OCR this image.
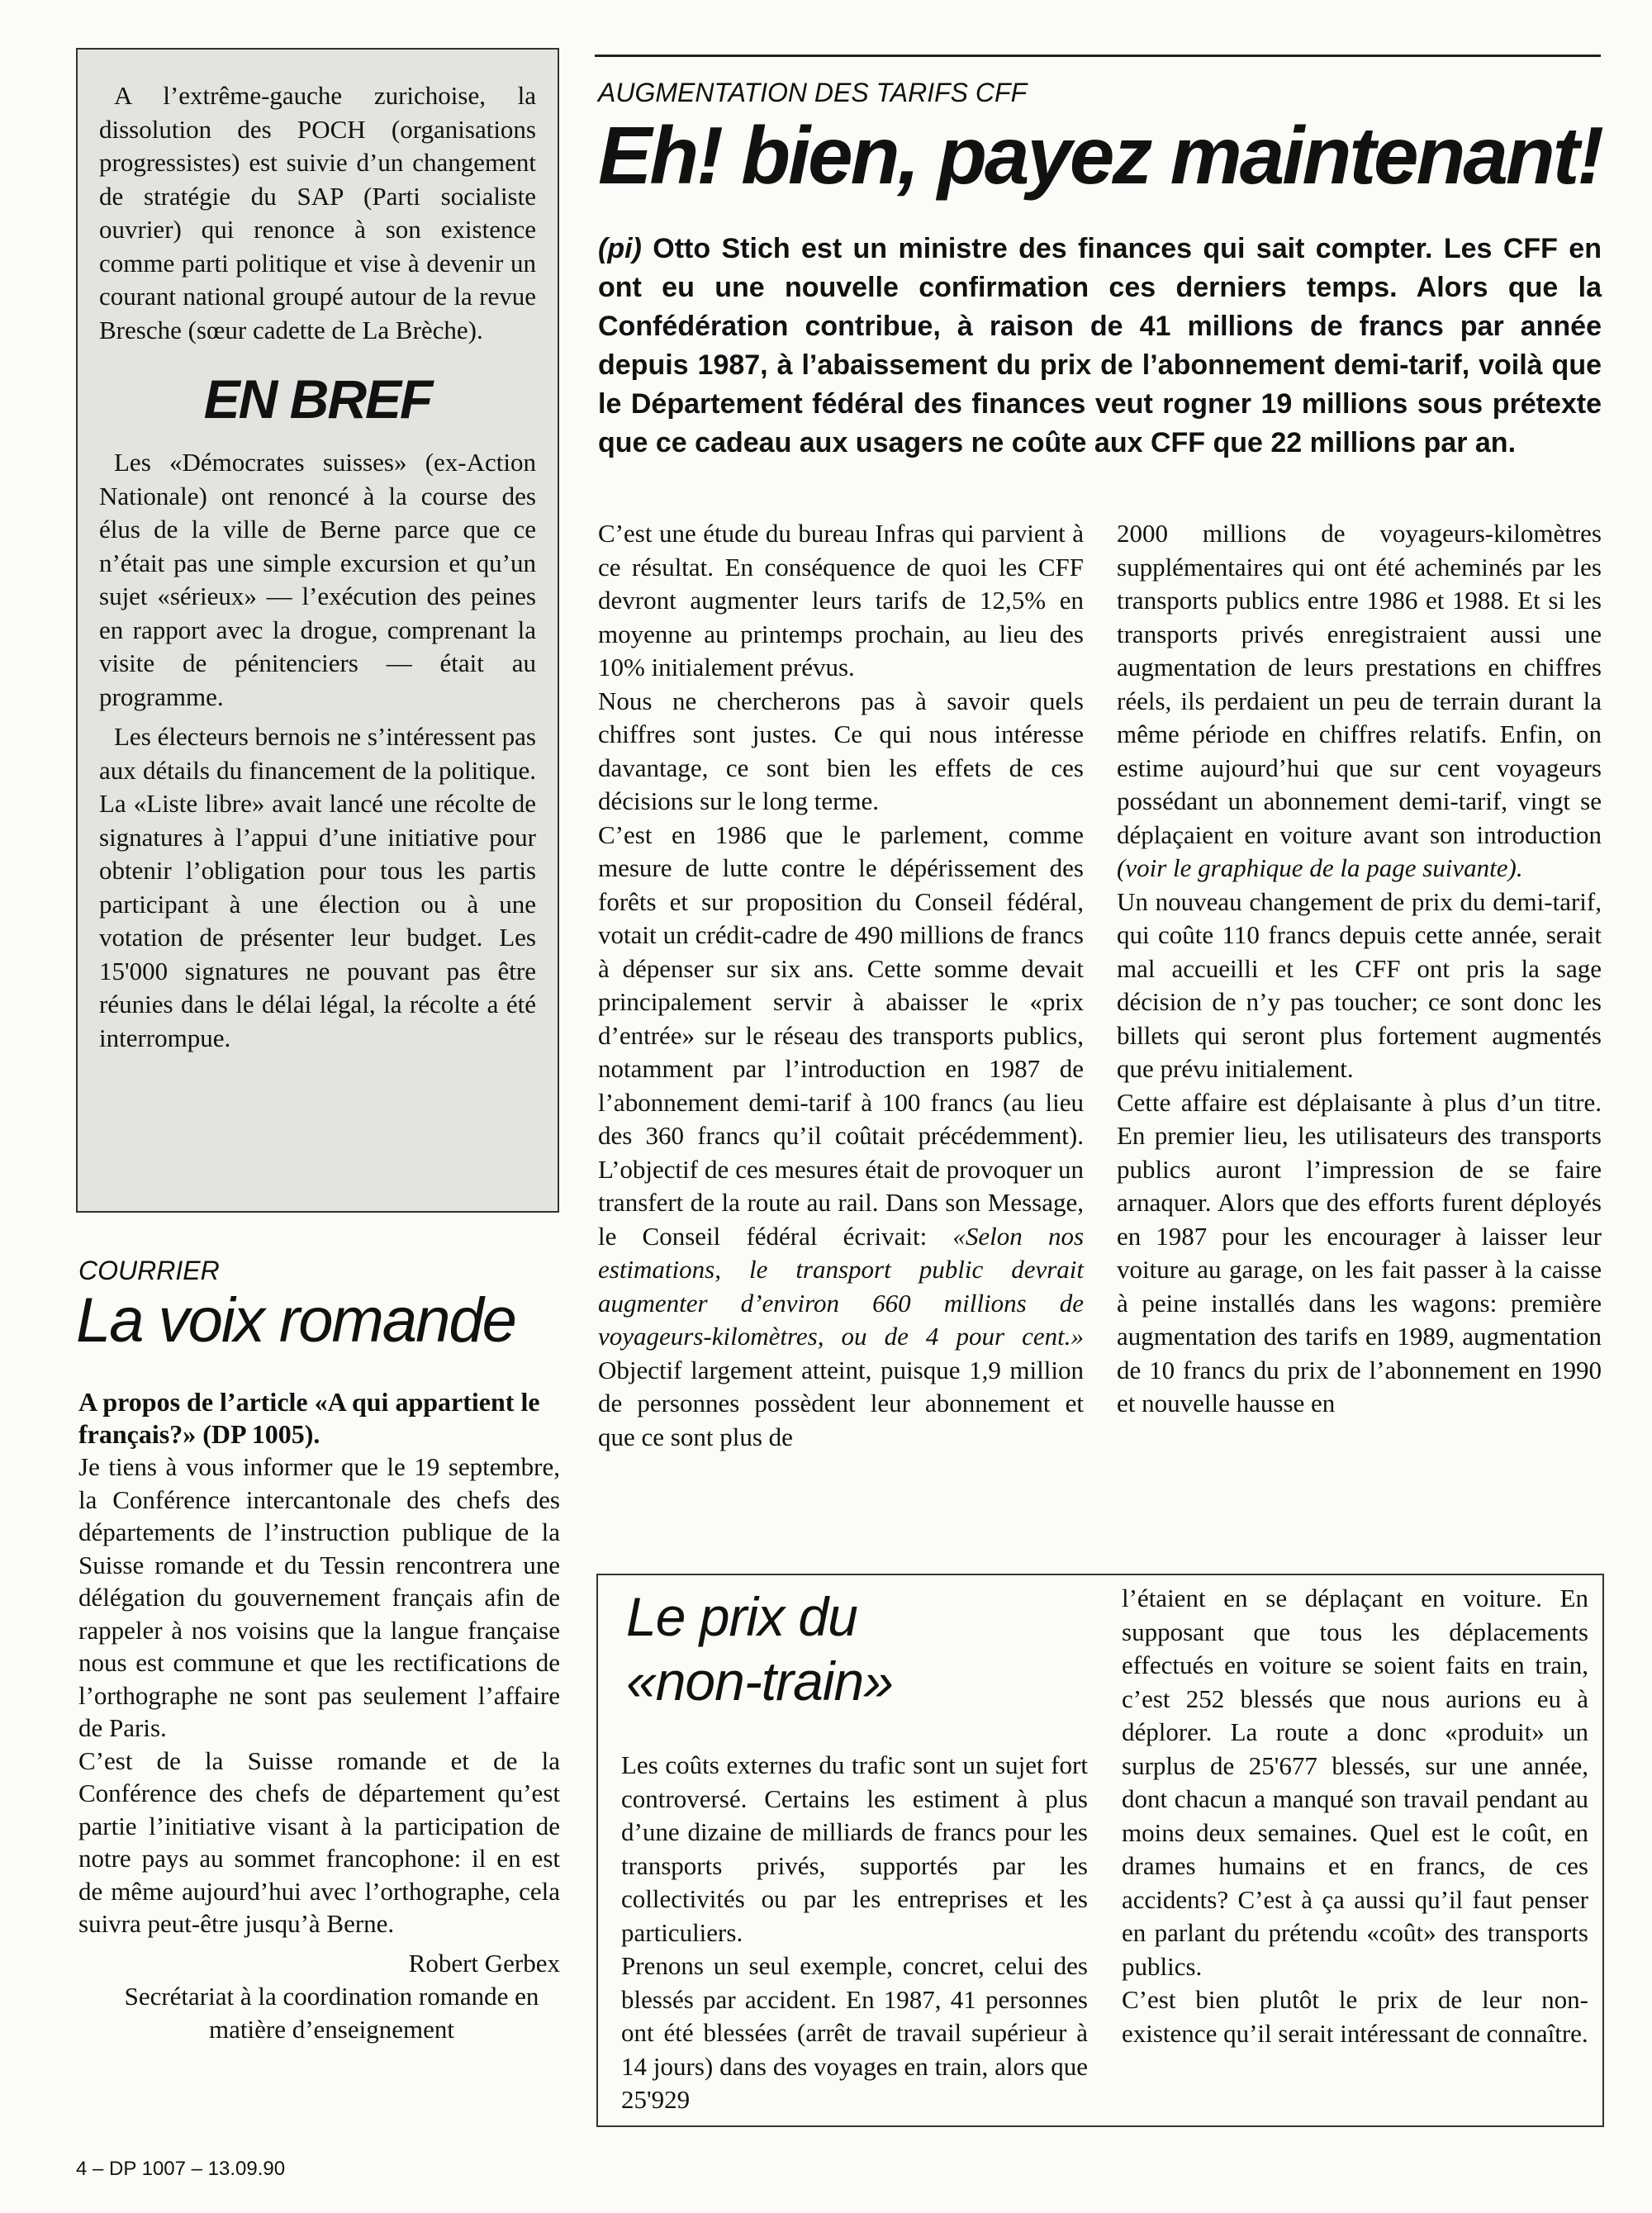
A l’extrême-gauche zurichoise, la dissolution des POCH (organisations progressistes) est suivie d’un changement de stratégie du SAP (Parti socialiste ouvrier) qui renonce à son existence comme parti politique et vise à devenir un courant national groupé autour de la revue Bresche (sœur cadette de La Brèche).

EN BREF

Les «Démocrates suisses» (ex-Action Nationale) ont renoncé à la course des élus de la ville de Berne parce que ce n’était pas une simple excursion et qu’un sujet «sérieux» — l’exécution des peines en rapport avec la drogue, comprenant la visite de pénitenciers — était au programme.

Les électeurs bernois ne s’intéressent pas aux détails du financement de la politique. La «Liste libre» avait lancé une récolte de signatures à l’appui d’une initiative pour obtenir l’obligation pour tous les partis participant à une élection ou à une votation de présenter leur budget. Les 15'000 signatures ne pouvant pas être réunies dans le délai légal, la récolte a été interrompue.

COURRIER
La voix romande

A propos de l’article «A qui appartient le français?» (DP 1005).

Je tiens à vous informer que le 19 septembre, la Conférence intercantonale des chefs des départements de l’instruction publique de la Suisse romande et du Tessin rencontrera une délégation du gouvernement français afin de rappeler à nos voisins que la langue française nous est commune et que les rectifications de l’orthographe ne sont pas seulement l’affaire de Paris.

C’est de la Suisse romande et de la Conférence des chefs de département qu’est partie l’initiative visant à la participation de notre pays au sommet francophone: il en est de même aujourd’hui avec l’orthographe, cela suivra peut-être jusqu’à Berne.

Robert Gerbex

Secrétariat à la coordination romande en matière d’enseignement

AUGMENTATION DES TARIFS CFF
Eh! bien, payez maintenant!

(pi) Otto Stich est un ministre des finances qui sait compter. Les CFF en ont eu une nouvelle confirmation ces derniers temps. Alors que la Confédération contribue, à raison de 41 millions de francs par année depuis 1987, à l’abaissement du prix de l’abonnement demi-tarif, voilà que le Département fédéral des finances veut rogner 19 millions sous prétexte que ce cadeau aux usagers ne coûte aux CFF que 22 millions par an.

C’est une étude du bureau Infras qui parvient à ce résultat. En conséquence de quoi les CFF devront augmenter leurs tarifs de 12,5% en moyenne au printemps prochain, au lieu des 10% initialement prévus.

Nous ne chercherons pas à savoir quels chiffres sont justes. Ce qui nous intéresse davantage, ce sont bien les effets de ces décisions sur le long terme.

C’est en 1986 que le parlement, comme mesure de lutte contre le dépérissement des forêts et sur proposition du Conseil fédéral, votait un crédit-cadre de 490 millions de francs à dépenser sur six ans. Cette somme devait principalement servir à abaisser le «prix d’entrée» sur le réseau des transports publics, notamment par l’introduction en 1987 de l’abonnement demi-tarif à 100 francs (au lieu des 360 francs qu’il coûtait précédemment). L’objectif de ces mesures était de provoquer un transfert de la route au rail. Dans son Message, le Conseil fédéral écrivait: «Selon nos estimations, le transport public devrait augmenter d’environ 660 millions de voyageurs-kilomètres, ou de 4 pour cent.» Objectif largement atteint, puisque 1,9 million de personnes possèdent leur abonnement et que ce sont plus de

2000 millions de voyageurs-kilomètres supplémentaires qui ont été acheminés par les transports publics entre 1986 et 1988. Et si les transports privés enregistraient aussi une augmentation de leurs prestations en chiffres réels, ils perdaient un peu de terrain durant la même période en chiffres relatifs. Enfin, on estime aujourd’hui que sur cent voyageurs possédant un abonnement demi-tarif, vingt se déplaçaient en voiture avant son introduction (voir le graphique de la page suivante).

Un nouveau changement de prix du demi-tarif, qui coûte 110 francs depuis cette année, serait mal accueilli et les CFF ont pris la sage décision de n’y pas toucher; ce sont donc les billets qui seront plus fortement augmentés que prévu initialement.

Cette affaire est déplaisante à plus d’un titre. En premier lieu, les utilisateurs des transports publics auront l’impression de se faire arnaquer. Alors que des efforts furent déployés en 1987 pour les encourager à laisser leur voiture au garage, on les fait passer à la caisse à peine installés dans les wagons: première augmentation des tarifs en 1989, augmentation de 10 francs du prix de l’abonnement en 1990 et nouvelle hausse en

Le prix du
«non-train»

Les coûts externes du trafic sont un sujet fort controversé. Certains les estiment à plus d’une dizaine de milliards de francs pour les transports privés, supportés par les collectivités ou par les entreprises et les particuliers.

Prenons un seul exemple, concret, celui des blessés par accident. En 1987, 41 personnes ont été blessées (arrêt de travail supérieur à 14 jours) dans des voyages en train, alors que 25'929

l’étaient en se déplaçant en voiture. En supposant que tous les déplacements effectués en voiture se soient faits en train, c’est 252 blessés que nous aurions eu à déplorer. La route a donc «produit» un surplus de 25'677 blessés, sur une année, dont chacun a manqué son travail pendant au moins deux semaines. Quel est le coût, en drames humains et en francs, de ces accidents? C’est à ça aussi qu’il faut penser en parlant du prétendu «coût» des transports publics.

C’est bien plutôt le prix de leur non-existence qu’il serait intéressant de connaître.

4 – DP 1007 – 13.09.90
